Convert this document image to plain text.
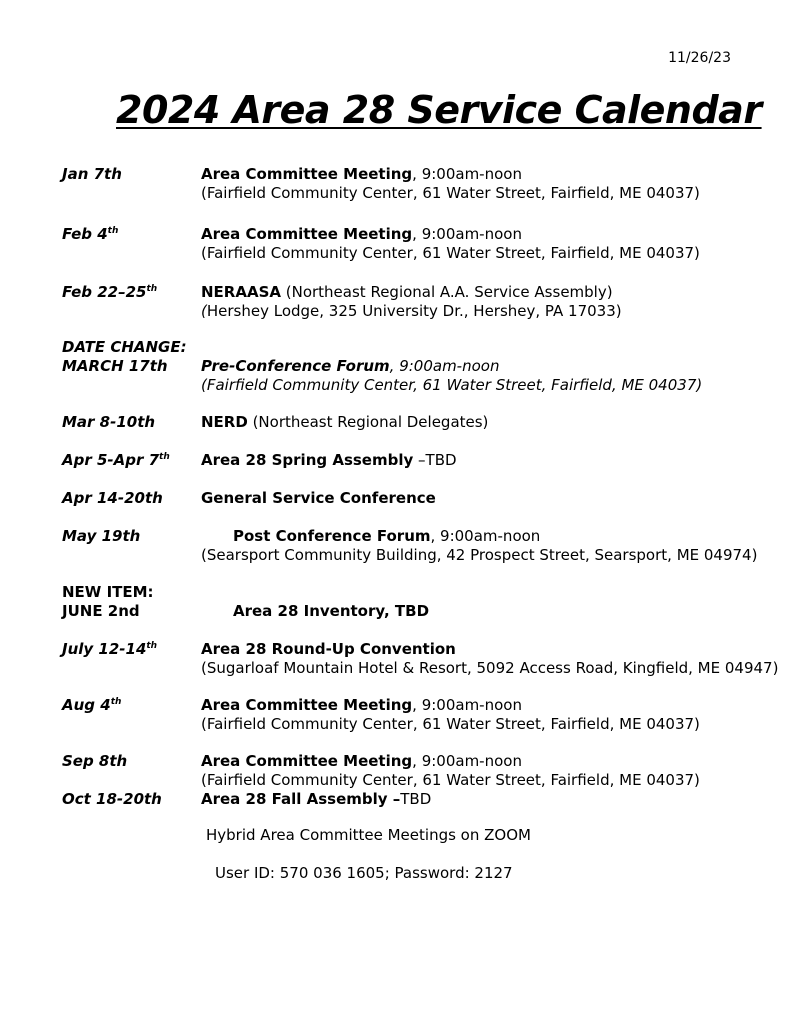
11/26/23
2024 Area 28 Service Calendar
Jan 7th	Area Committee Meeting, 9:00am-noon
(Fairfield Community Center, 61 Water Street, Fairfield, ME 04037)
Feb 4th	Area Committee Meeting, 9:00am-noon
(Fairfield Community Center, 61 Water Street, Fairfield, ME 04037)
Feb 22–25th	NERAASA (Northeast Regional A.A. Service Assembly)
(Hershey Lodge, 325 University Dr., Hershey, PA 17033)
DATE CHANGE:
MARCH 17th Pre-Conference Forum, 9:00am-noon
(Fairfield Community Center, 61 Water Street, Fairfield, ME 04037)
Mar 8-10th	NERD (Northeast Regional Delegates)
Apr 5-Apr 7th Area 28 Spring Assembly –TBD
Apr 14-20th	General Service Conference
May 19th	Post Conference Forum, 9:00am-noon
(Searsport Community Building, 42 Prospect Street, Searsport, ME 04974)
NEW ITEM:
JUNE 2nd	Area 28 Inventory, TBD
July 12-14th	Area 28 Round-Up Convention
(Sugarloaf Mountain Hotel & Resort, 5092 Access Road, Kingfield, ME 04947)
Aug 4th	Area Committee Meeting, 9:00am-noon
(Fairfield Community Center, 61 Water Street, Fairfield, ME 04037)
Sep 8th	Area Committee Meeting, 9:00am-noon
(Fairfield Community Center, 61 Water Street, Fairfield, ME 04037)
Oct 18-20th	Area 28 Fall Assembly –TBD
Hybrid Area Committee Meetings on ZOOM
User ID: 570 036 1605; Password: 2127
